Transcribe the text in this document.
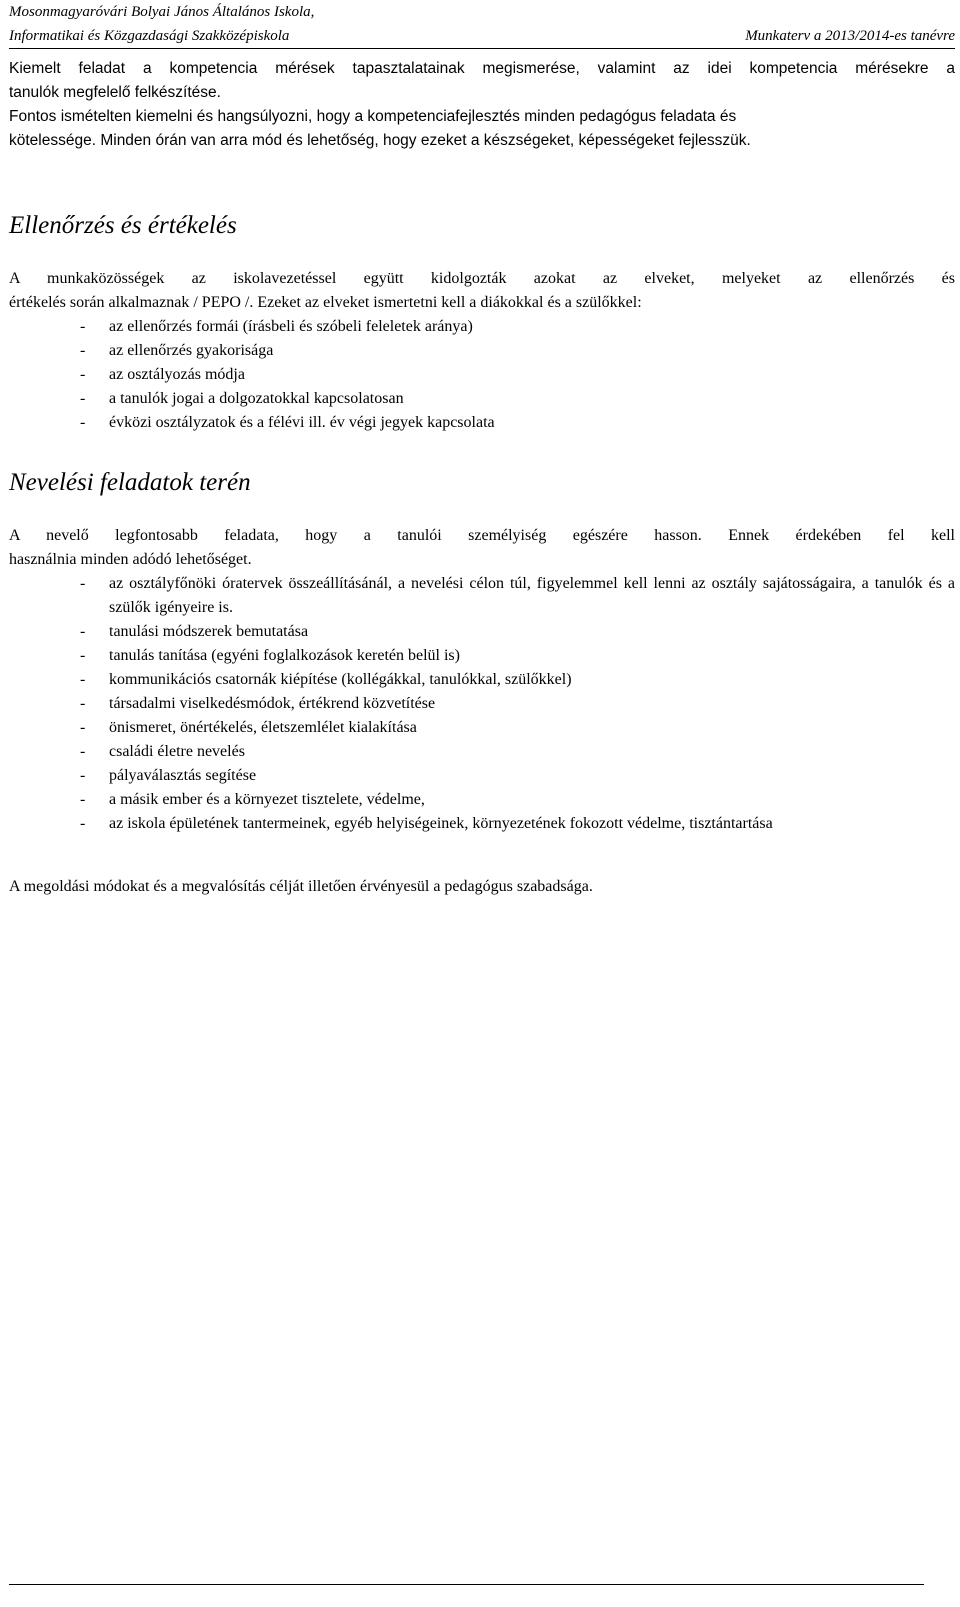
Mosonmagyaróvári Bolyai János Általános Iskola,
Informatikai és Közgazdasági Szakközépiskola	Munkaterv a 2013/2014-es tanévre

Kiemelt feladat a kompetencia mérések tapasztalatainak megismerése, valamint az idei kompetencia mérésekre a

tanulók megfelelő felkészítése.

Fontos ismételten kiemelni és hangsúlyozni, hogy a kompetenciafejlesztés minden pedagógus feladata és

kötelessége. Minden órán van arra mód és lehetőség, hogy ezeket a készségeket, képességeket fejlesszük.

Ellenőrzés és értékelés

A munkaközösségek az iskolavezetéssel együtt kidolgozták azokat az elveket, melyeket az ellenőrzés és

értékelés során alkalmaznak / PEPO /. Ezeket az elveket ismertetni kell a diákokkal és a szülőkkel:

- az ellenőrzés formái (írásbeli és szóbeli feleletek aránya)
- az ellenőrzés gyakorisága
- az osztályozás módja
- a tanulók jogai a dolgozatokkal kapcsolatosan
- évközi osztályzatok és a félévi ill. év végi jegyek kapcsolata
Nevelési feladatok terén

A nevelő legfontosabb feladata, hogy a tanulói személyiség egészére hasson. Ennek érdekében fel kell

használnia minden adódó lehetőséget.

- az osztályfőnöki óratervek összeállításánál, a nevelési célon túl, figyelemmel kell lenni az osztály sajátosságaira, a tanulók és a szülők igényeire is.
- tanulási módszerek bemutatása
- tanulás tanítása (egyéni foglalkozások keretén belül is)
- kommunikációs csatornák kiépítése (kollégákkal, tanulókkal, szülőkkel)
- társadalmi viselkedésmódok, értékrend közvetítése
- önismeret, önértékelés, életszemlélet kialakítása
- családi életre nevelés
- pályaválasztás segítése
- a másik ember és a környezet tisztelete, védelme,
- az iskola épületének tantermeinek, egyéb helyiségeinek, környezetének fokozott védelme, tisztántartása

A megoldási módokat és a megvalósítás célját illetően érvényesül a pedagógus szabadsága.
